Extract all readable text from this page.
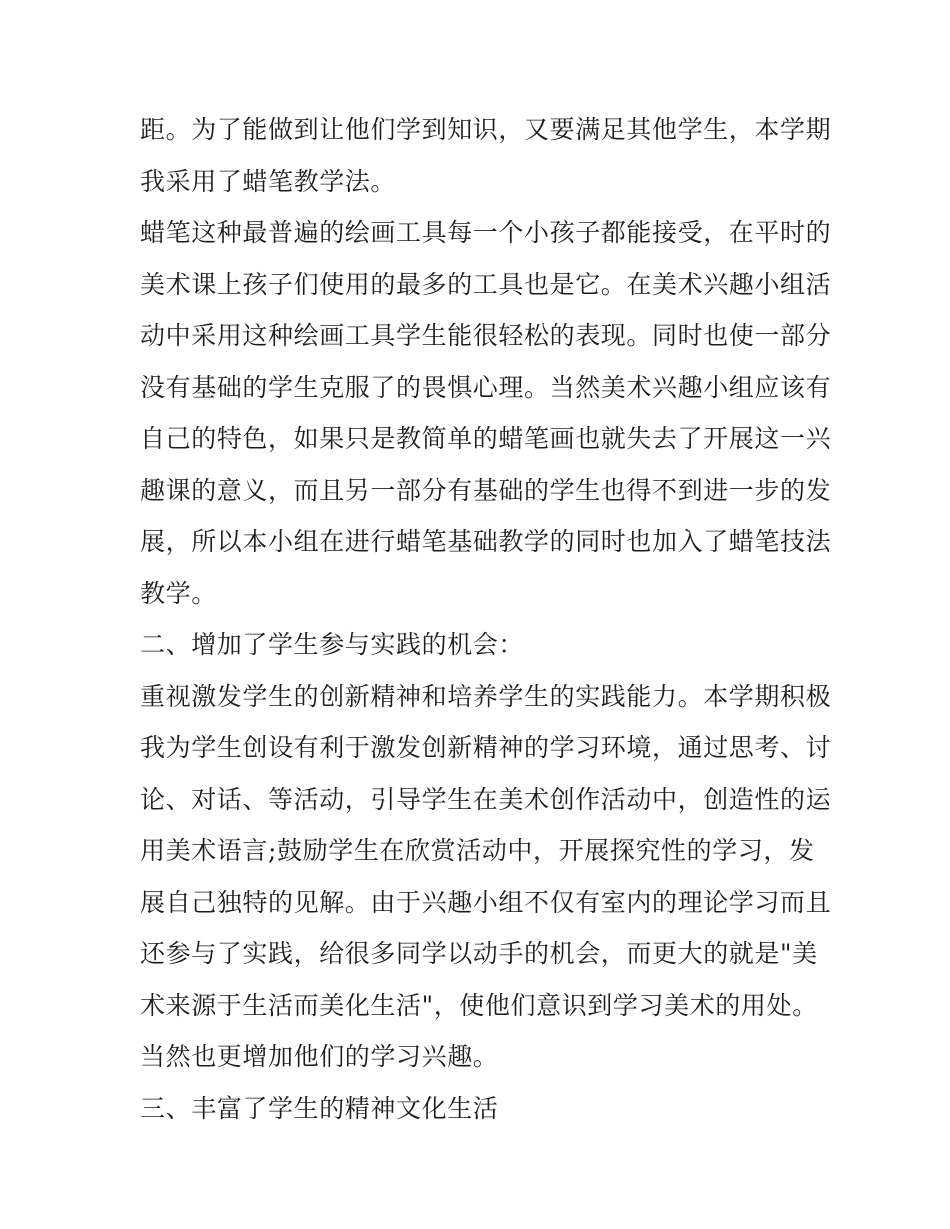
距。为了能做到让他们学到知识，又要满足其他学生，本学期
我采用了蜡笔教学法。
蜡笔这种最普遍的绘画工具每一个小孩子都能接受，在平时的
美术课上孩子们使用的最多的工具也是它。在美术兴趣小组活
动中采用这种绘画工具学生能很轻松的表现。同时也使一部分
没有基础的学生克服了的畏惧心理。当然美术兴趣小组应该有
自己的特色，如果只是教简单的蜡笔画也就失去了开展这一兴
趣课的意义，而且另一部分有基础的学生也得不到进一步的发
展，所以本小组在进行蜡笔基础教学的同时也加入了蜡笔技法
教学。
二、增加了学生参与实践的机会：
重视激发学生的创新精神和培养学生的实践能力。本学期积极
我为学生创设有利于激发创新精神的学习环境，通过思考、讨
论、对话、等活动，引导学生在美术创作活动中，创造性的运
用美术语言;鼓励学生在欣赏活动中，开展探究性的学习，发
展自己独特的见解。由于兴趣小组不仅有室内的理论学习而且
还参与了实践，给很多同学以动手的机会，而更大的就是"美
术来源于生活而美化生活"，使他们意识到学习美术的用处。
当然也更增加他们的学习兴趣。
三、丰富了学生的精神文化生活
